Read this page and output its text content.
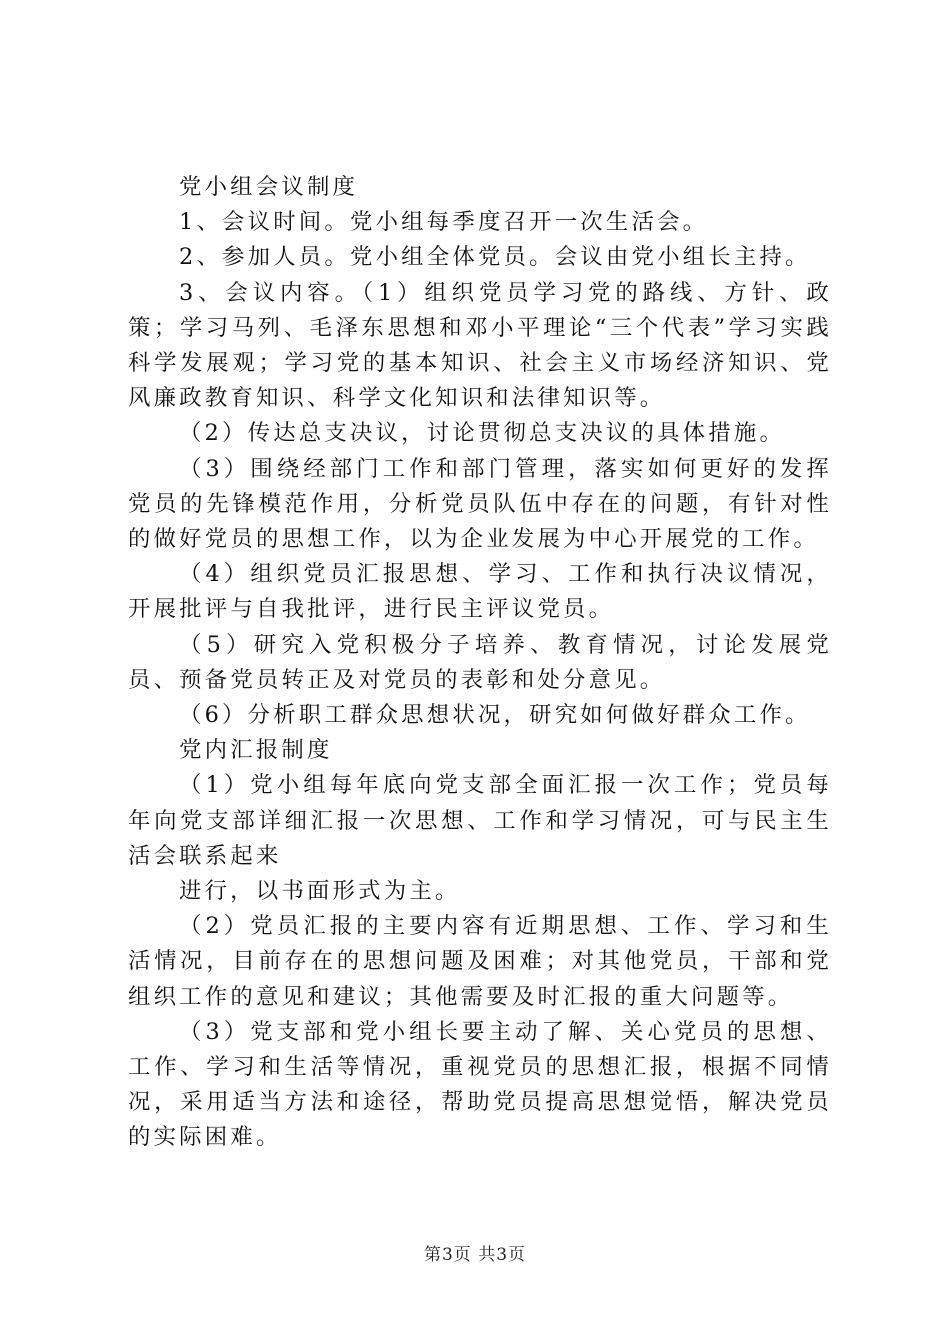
党小组会议制度

1、会议时间。党小组每季度召开一次生活会。

2、参加人员。党小组全体党员。会议由党小组长主持。

3、会议内容。（1）组织党员学习党的路线、方针、政策；学习马列、毛泽东思想和邓小平理论“三个代表”学习实践科学发展观；学习党的基本知识、社会主义市场经济知识、党风廉政教育知识、科学文化知识和法律知识等。

（2）传达总支决议，讨论贯彻总支决议的具体措施。

（3）围绕经部门工作和部门管理，落实如何更好的发挥党员的先锋模范作用，分析党员队伍中存在的问题，有针对性的做好党员的思想工作，以为企业发展为中心开展党的工作。

（4）组织党员汇报思想、学习、工作和执行决议情况，开展批评与自我批评，进行民主评议党员。

（5）研究入党积极分子培养、教育情况，讨论发展党员、预备党员转正及对党员的表彰和处分意见。

（6）分析职工群众思想状况，研究如何做好群众工作。

党内汇报制度

（1）党小组每年底向党支部全面汇报一次工作；党员每年向党支部详细汇报一次思想、工作和学习情况，可与民主生活会联系起来

进行，以书面形式为主。

（2）党员汇报的主要内容有近期思想、工作、学习和生活情况，目前存在的思想问题及困难；对其他党员，干部和党组织工作的意见和建议；其他需要及时汇报的重大问题等。

（3）党支部和党小组长要主动了解、关心党员的思想、工作、学习和生活等情况，重视党员的思想汇报，根据不同情况，采用适当方法和途径，帮助党员提高思想觉悟，解决党员的实际困难。

第3页 共3页
